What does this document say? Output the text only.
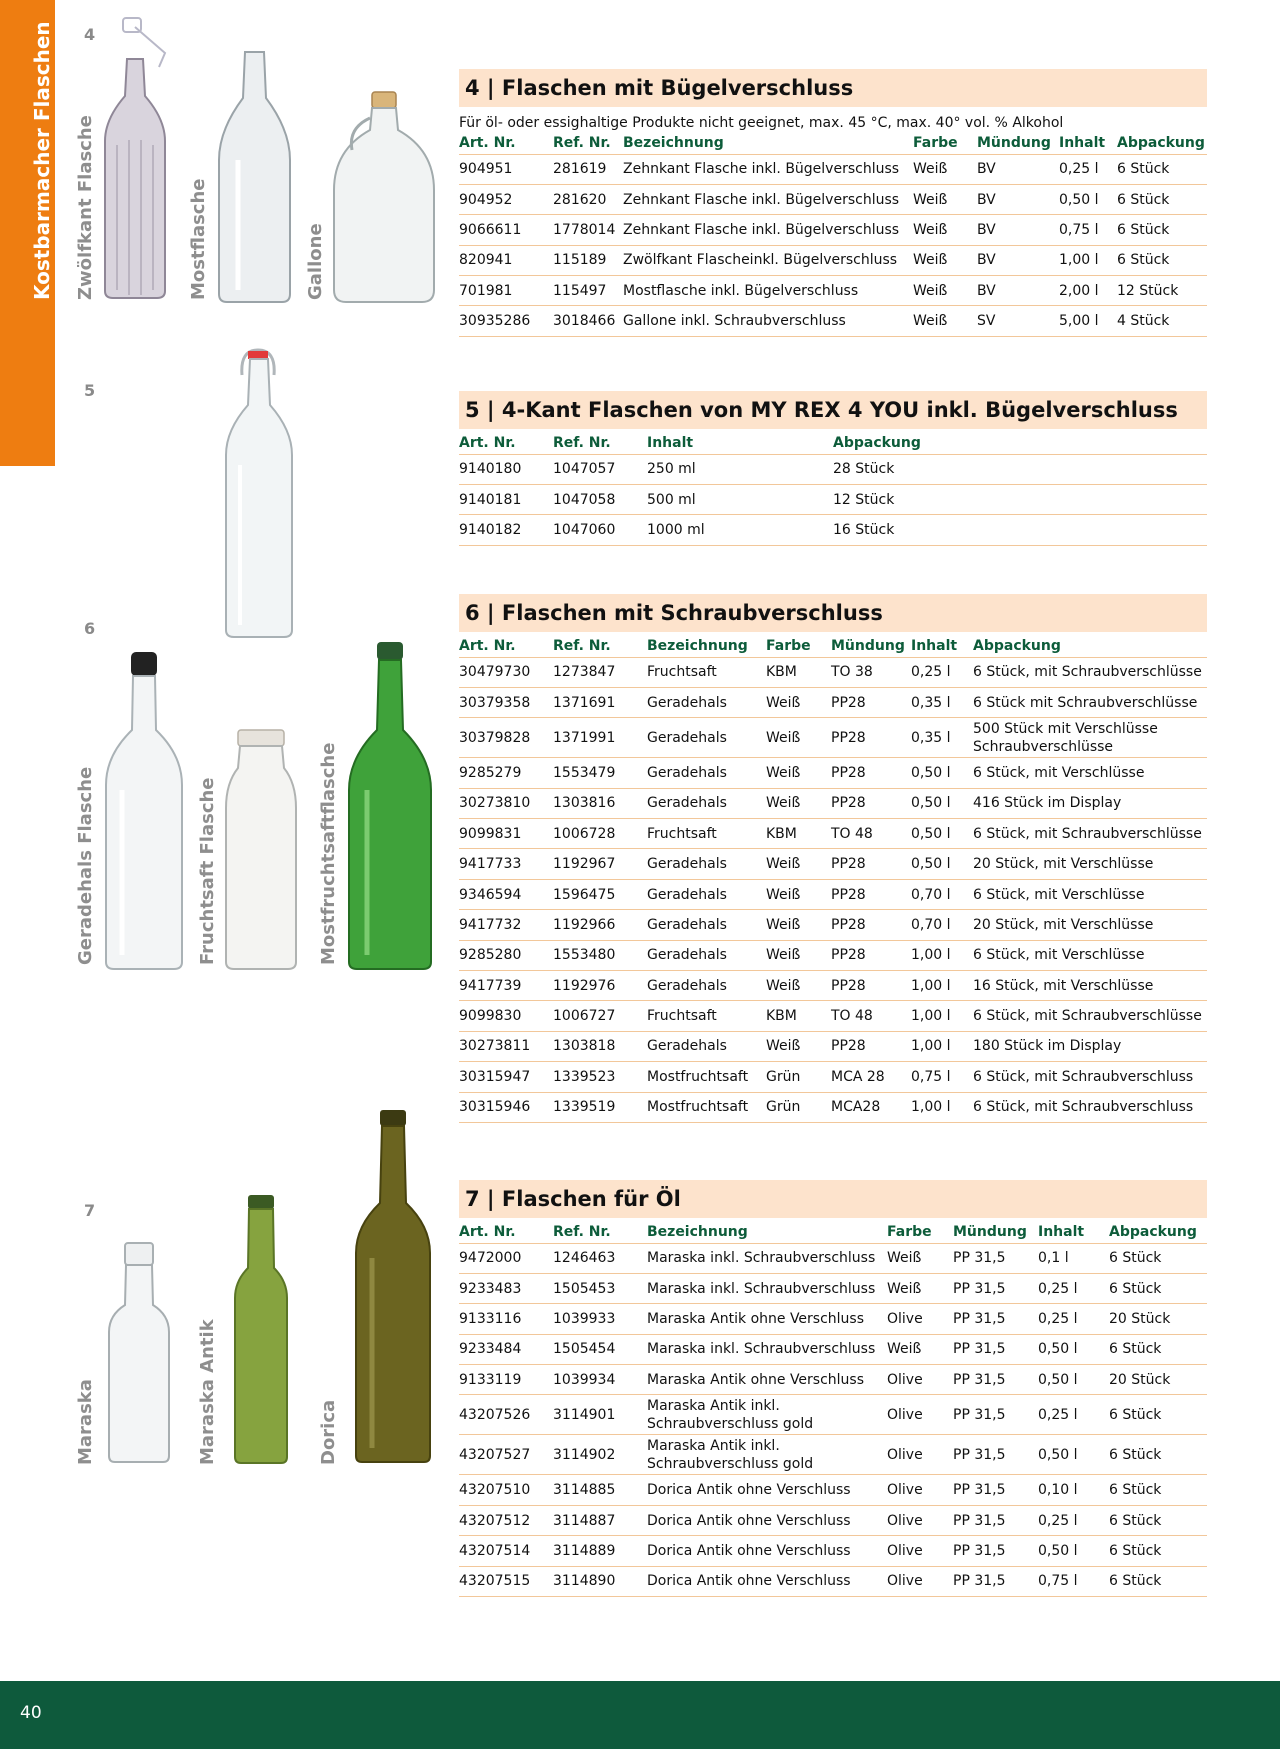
Kostbarmacher Flaschen 4
5
6
7
Zwölfkant Flasche	Mostflasche	Gallone
Geradehals Flasche	Fruchtsaft Flasche	Mostfruchtsaftflasche
Maraska	Maraska Antik	Dorica
4 | Flaschen mit Bügelverschluss
Für öl- oder essighaltige Produkte nicht geeignet, max. 45 °C, max. 40° vol. % Alkohol
Art. Nr.	Ref. Nr.	Bezeichnung	Farbe	Mündung	Inhalt	Abpackung
904951	281619	Zehnkant Flasche inkl. Bügelverschluss	Weiß	BV	0,25 l	6 Stück
904952	281620	Zehnkant Flasche inkl. Bügelverschluss	Weiß	BV	0,50 l	6 Stück
9066611	1778014	Zehnkant Flasche inkl. Bügelverschluss	Weiß	BV	0,75 l	6 Stück
820941	115189	Zwölfkant Flascheinkl. Bügelverschluss	Weiß	BV	1,00 l	6 Stück
701981	115497	Mostflasche inkl. Bügelverschluss	Weiß	BV	2,00 l	12 Stück
30935286	3018466	Gallone inkl. Schraubverschluss	Weiß	SV	5,00 l	4 Stück
5 | 4-Kant Flaschen von MY REX 4 YOU inkl. Bügelverschluss
Art. Nr.	Ref. Nr.	Inhalt	Abpackung
9140180	1047057	250 ml	28 Stück
9140181	1047058	500 ml	12 Stück
9140182	1047060	1000 ml	16 Stück
6 | Flaschen mit Schraubverschluss
Art. Nr.	Ref. Nr.	Bezeichnung	Farbe	Mündung	Inhalt	Abpackung
30479730	1273847	Fruchtsaft	KBM	TO 38	0,25 l	6 Stück, mit Schraubverschlüsse
30379358	1371691	Geradehals	Weiß	PP28	0,35 l	6 Stück mit Schraubverschlüsse
30379828	1371991	Geradehals	Weiß	PP28	0,35 l	500 Stück mit Verschlüsse Schraubverschlüsse
9285279	1553479	Geradehals	Weiß	PP28	0,50 l	6 Stück, mit Verschlüsse
30273810	1303816	Geradehals	Weiß	PP28	0,50 l	416 Stück im Display
9099831	1006728	Fruchtsaft	KBM	TO 48	0,50 l	6 Stück, mit Schraubverschlüsse
9417733	1192967	Geradehals	Weiß	PP28	0,50 l	20 Stück, mit Verschlüsse
9346594	1596475	Geradehals	Weiß	PP28	0,70 l	6 Stück, mit Verschlüsse
9417732	1192966	Geradehals	Weiß	PP28	0,70 l	20 Stück, mit Verschlüsse
9285280	1553480	Geradehals	Weiß	PP28	1,00 l	6 Stück, mit Verschlüsse
9417739	1192976	Geradehals	Weiß	PP28	1,00 l	16 Stück, mit Verschlüsse
9099830	1006727	Fruchtsaft	KBM	TO 48	1,00 l	6 Stück, mit Schraubverschlüsse
30273811	1303818	Geradehals	Weiß	PP28	1,00 l	180 Stück im Display
30315947	1339523	Mostfruchtsaft	Grün	MCA 28	0,75 l	6 Stück, mit Schraubverschluss
30315946	1339519	Mostfruchtsaft	Grün	MCA28	1,00 l	6 Stück, mit Schraubverschluss
7 | Flaschen für Öl
Art. Nr.	Ref. Nr.	Bezeichnung	Farbe	Mündung	Inhalt	Abpackung
9472000	1246463	Maraska inkl. Schraubverschluss	Weiß	PP 31,5	0,1 l	6 Stück
9233483	1505453	Maraska inkl. Schraubverschluss	Weiß	PP 31,5	0,25 l	6 Stück
9133116	1039933	Maraska Antik ohne Verschluss	Olive	PP 31,5	0,25 l	20 Stück
9233484	1505454	Maraska inkl. Schraubverschluss	Weiß	PP 31,5	0,50 l	6 Stück
9133119	1039934	Maraska Antik ohne Verschluss	Olive	PP 31,5	0,50 l	20 Stück
43207526	3114901	Maraska Antik inkl. Schraubverschluss gold	Olive	PP 31,5	0,25 l	6 Stück
43207527	3114902	Maraska Antik inkl. Schraubverschluss gold	Olive	PP 31,5	0,50 l	6 Stück
43207510	3114885	Dorica Antik ohne Verschluss	Olive	PP 31,5	0,10 l	6 Stück
43207512	3114887	Dorica Antik ohne Verschluss	Olive	PP 31,5	0,25 l	6 Stück
43207514	3114889	Dorica Antik ohne Verschluss	Olive	PP 31,5	0,50 l	6 Stück
43207515	3114890	Dorica Antik ohne Verschluss	Olive	PP 31,5	0,75 l	6 Stück
40
